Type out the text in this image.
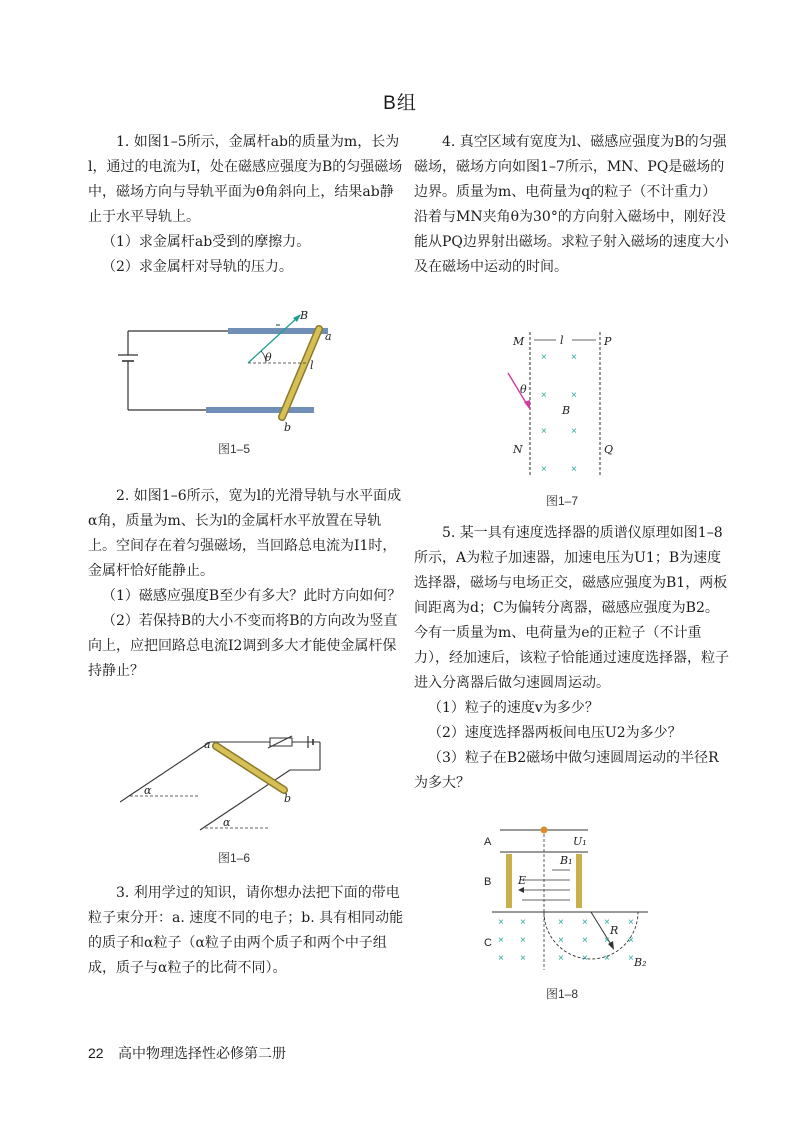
B组

1. 如图1–5所示，金属杆ab的质量为m，长为l，通过的电流为I，处在磁感应强度为B的匀强磁场中，磁场方向与导轨平面为θ角斜向上，结果ab静止于水平导轨上。

（1）求金属杆ab受到的摩擦力。

（2）求金属杆对导轨的压力。

B
a
b
θ
l
图1–5

2. 如图1–6所示，宽为l的光滑导轨与水平面成α角，质量为m、长为l的金属杆水平放置在导轨上。空间存在着匀强磁场，当回路总电流为I1时，金属杆恰好能静止。

（1）磁感应强度B至少有多大？此时方向如何？

（2）若保持B的大小不变而将B的方向改为竖直向上，应把回路总电流I2调到多大才能使金属杆保持静止？

a
b
α
α
图1–6

3. 利用学过的知识，请你想办法把下面的带电粒子束分开：a. 速度不同的电子；b. 具有相同动能的质子和α粒子（α粒子由两个质子和两个中子组成，质子与α粒子的比荷不同）。

4. 真空区域有宽度为l、磁感应强度为B的匀强磁场，磁场方向如图1–7所示，MN、PQ是磁场的边界。质量为m、电荷量为q的粒子（不计重力）沿着与MN夹角θ为30°的方向射入磁场中，刚好没能从PQ边界射出磁场。求粒子射入磁场的速度大小及在磁场中运动的时间。

M
N
P
Q
l
B
θ
× ×
× ×
× ×
× ×
图1–7

5. 某一具有速度选择器的质谱仪原理如图1–8所示，A为粒子加速器，加速电压为U1；B为速度选择器，磁场与电场正交，磁感应强度为B1，两板间距离为d；C为偏转分离器，磁感应强度为B2。今有一质量为m、电荷量为e的正粒子（不计重力），经加速后，该粒子恰能通过速度选择器，粒子进入分离器后做匀速圆周运动。

（1）粒子的速度v为多少？

（2）速度选择器两板间电压U2为多少？

（3）粒子在B2磁场中做匀速圆周运动的半径R为多大？

A
B
C
U₁
B₁
E
R
B₂
× ×	× × × ×
× ×	× × × ×
× ×	× × × ×
图1–8
22 高中物理选择性必修第二册
